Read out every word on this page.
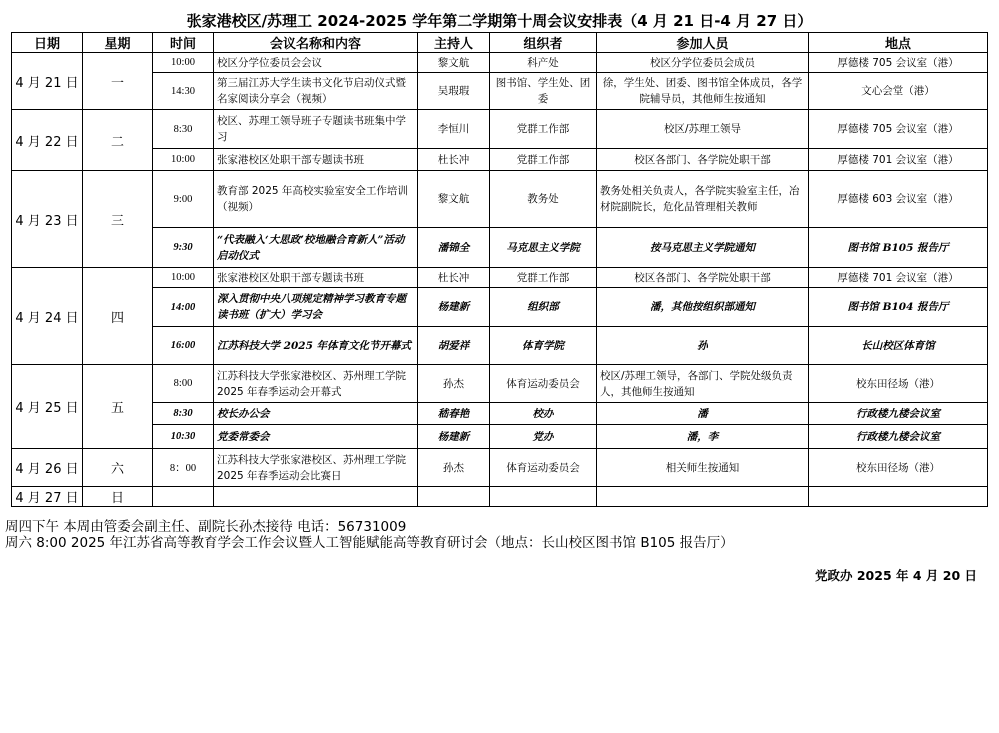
张家港校区/苏理工 2024-2025 学年第二学期第十周会议安排表（4 月 21 日-4 月 27 日）
日期	星期	时间	会议名称和内容	主持人	组织者	参加人员	地点
4 月 21 日	一	10:00	校区分学位委员会会议	黎文航	科产处	校区分学位委员会成员	厚德楼 705 会议室（港）
		14:30	第三届江苏大学生读书文化节启动仪式暨名家阅读分享会（视频）	吴瑕瑕	图书馆、学生处、团委	徐，学生处、团委、图书馆全体成员，各学院辅导员，其他师生按通知	文心会堂（港）
4 月 22 日	二	8:30	校区、苏理工领导班子专题读书班集中学习	李恒川	党群工作部	校区/苏理工领导	厚德楼 705 会议室（港）
		10:00	张家港校区处职干部专题读书班	杜长冲	党群工作部	校区各部门、各学院处职干部	厚德楼 701 会议室（港）
4 月 23 日	三	9:00	教育部 2025 年高校实验室安全工作培训（视频）	黎文航	教务处	教务处相关负责人，各学院实验室主任，冶材院副院长，危化品管理相关教师	厚德楼 603 会议室（港）
		9:30	“代表融入‘大思政’校地融合育新人”活动启动仪式	潘锦全	马克思主义学院	按马克思主义学院通知	图书馆 B105 报告厅
4 月 24 日	四	10:00	张家港校区处职干部专题读书班	杜长冲	党群工作部	校区各部门、各学院处职干部	厚德楼 701 会议室（港）
		14:00	深入贯彻中央八项规定精神学习教育专题读书班（扩大）学习会	杨建新	组织部	潘，其他按组织部通知	图书馆 B104 报告厅
		16:00	江苏科技大学 2025 年体育文化节开幕式	胡爱祥	体育学院	孙	长山校区体育馆
4 月 25 日	五	8:00	江苏科技大学张家港校区、苏州理工学院 2025 年春季运动会开幕式	孙杰	体育运动委员会	校区/苏理工领导，各部门、学院处级负责人，其他师生按通知	校东田径场（港）
		8:30	校长办公会	嵇春艳	校办	潘	行政楼九楼会议室
		10:30	党委常委会	杨建新	党办	潘，李	行政楼九楼会议室
4 月 26 日	六	8：00	江苏科技大学张家港校区、苏州理工学院 2025 年春季运动会比赛日	孙杰	体育运动委员会	相关师生按通知	校东田径场（港）
4 月 27 日	日						
周四下午 本周由管委会副主任、副院长孙杰接待 电话：56731009
周六 8:00 2025 年江苏省高等教育学会工作会议暨人工智能赋能高等教育研讨会（地点：长山校区图书馆 B105 报告厅）
党政办 2025 年 4 月 20 日
